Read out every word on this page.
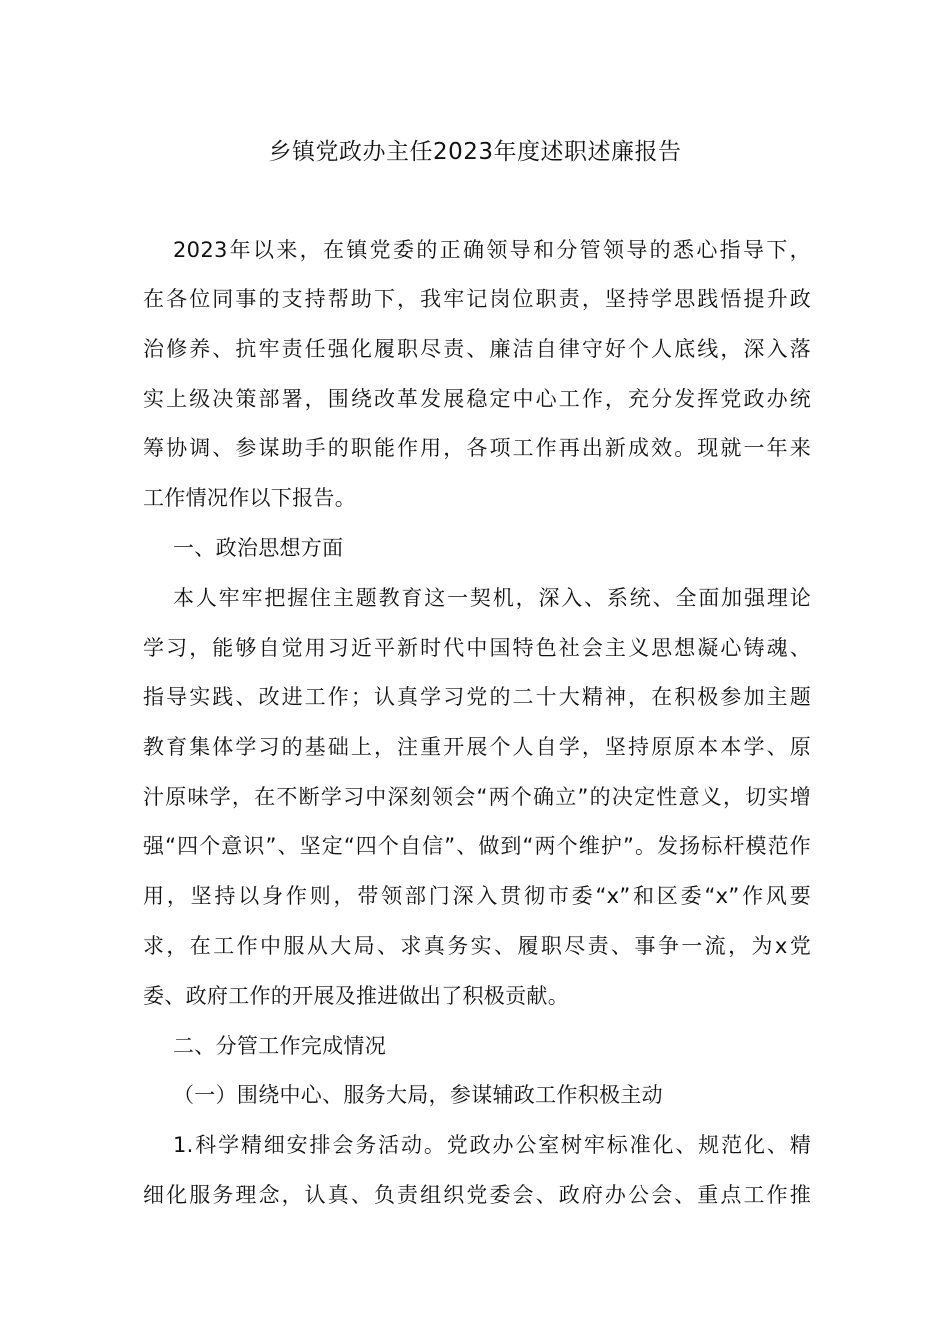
乡镇党政办主任2023年度述职述廉报告
2023年以来，在镇党委的正确领导和分管领导的悉心指导下，
在各位同事的支持帮助下，我牢记岗位职责，坚持学思践悟提升政
治修养、抗牢责任强化履职尽责、廉洁自律守好个人底线，深入落
实上级决策部署，围绕改革发展稳定中心工作，充分发挥党政办统
筹协调、参谋助手的职能作用，各项工作再出新成效。现就一年来
工作情况作以下报告。
一、政治思想方面
本人牢牢把握住主题教育这一契机，深入、系统、全面加强理论
学习，能够自觉用习近平新时代中国特色社会主义思想凝心铸魂、
指导实践、改进工作；认真学习党的二十大精神，在积极参加主题
教育集体学习的基础上，注重开展个人自学，坚持原原本本学、原
汁原味学，在不断学习中深刻领会“两个确立”的决定性意义，切实增
强“四个意识”、坚定“四个自信”、做到“两个维护”。发扬标杆模范作
用，坚持以身作则，带领部门深入贯彻市委“x”和区委“x”作风要
求，在工作中服从大局、求真务实、履职尽责、事争一流，为x党
委、政府工作的开展及推进做出了积极贡献。
二、分管工作完成情况
（一）围绕中心、服务大局，参谋辅政工作积极主动
1.科学精细安排会务活动。党政办公室树牢标准化、规范化、精
细化服务理念，认真、负责组织党委会、政府办公会、重点工作推
